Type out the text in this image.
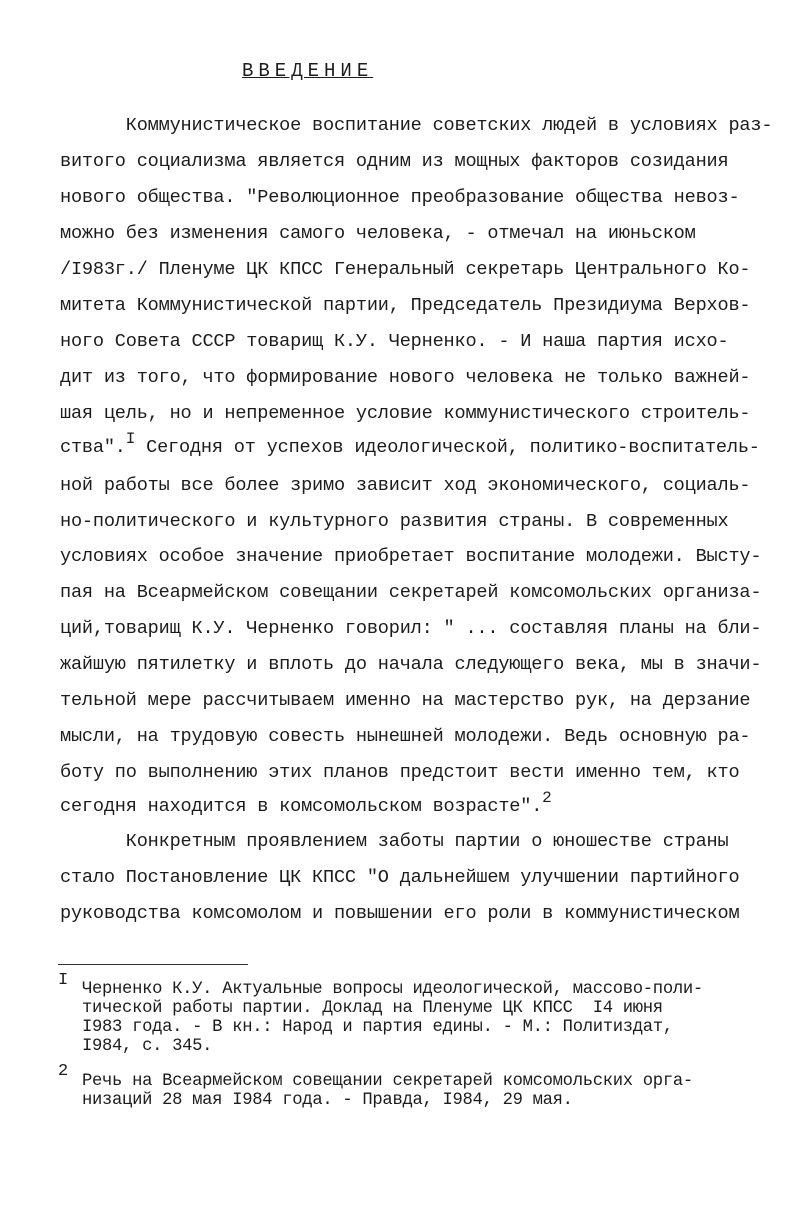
ВВЕДЕНИЕ
Коммунистическое воспитание советских людей в условиях раз-
витого социализма является одним из мощных факторов созидания
нового общества. "Революционное преобразование общества невоз-
можно без изменения самого человека, - отмечал на июньском
/I983г./ Пленуме ЦК КПСС Генеральный секретарь Центрального Ко-
митета Коммунистической партии, Председатель Президиума Верхов-
ного Совета СССР товарищ К.У. Черненко. - И наша партия исхо-
дит из того, что формирование нового человека не только важней-
шая цель, но и непременное условие коммунистического строитель-
ства".I Сегодня от успехов идеологической, политико-воспитатель-
ной работы все более зримо зависит ход экономического, социаль-
но-политического и культурного развития страны. В современных
условиях особое значение приобретает воспитание молодежи. Высту-
пая на Всеармейском совещании секретарей комсомольских организа-
ций,товарищ К.У. Черненко говорил: " ... составляя планы на бли-
жайшую пятилетку и вплоть до начала следующего века, мы в значи-
тельной мере рассчитываем именно на мастерство рук, на дерзание
мысли, на трудовую совесть нынешней молодежи. Ведь основную ра-
боту по выполнению этих планов предстоит вести именно тем, кто
сегодня находится в комсомольском возрасте".2
Конкретным проявлением заботы партии о юношестве страны
стало Постановление ЦК КПСС "О дальнейшем улучшении партийного
руководства комсомолом и повышении его роли в коммунистическом
I Черненко К.У. Актуальные вопросы идеологической, массово-поли-
тической работы партии. Доклад на Пленуме ЦК КПСС  I4 июня
I983 года. - В кн.: Народ и партия едины. - М.: Политиздат,
I984, с. 345.
2
Речь на Всеармейском совещании секретарей комсомольских орга-
низаций 28 мая I984 года. - Правда, I984, 29 мая.
